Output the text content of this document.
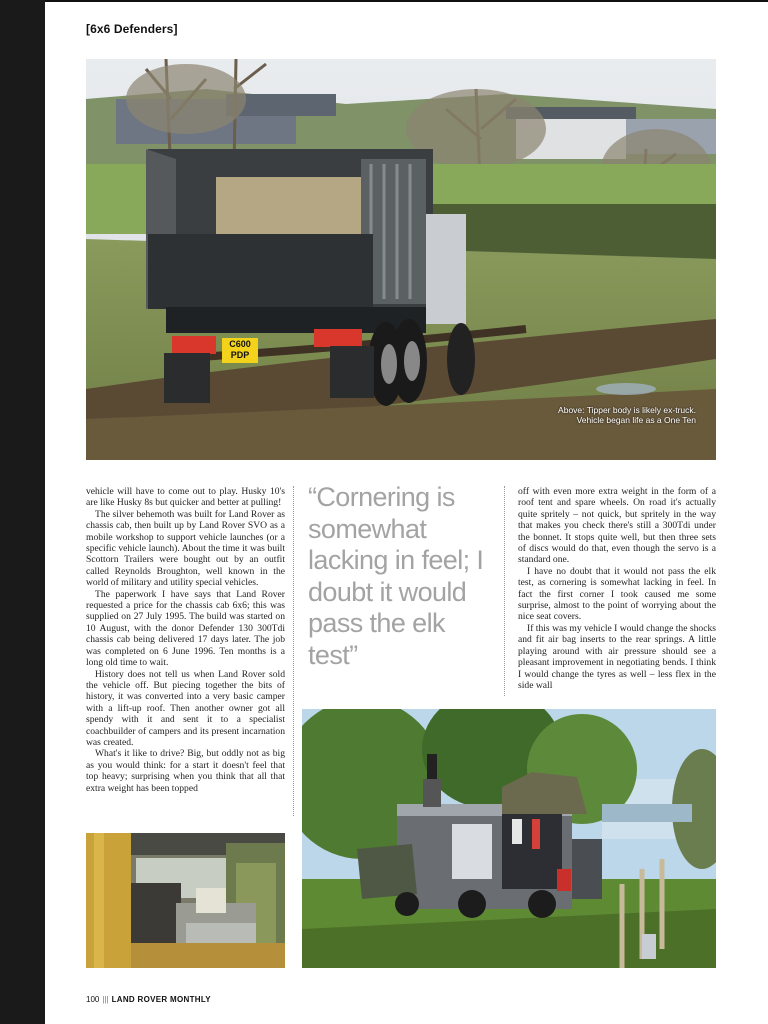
[6x6 Defenders]
C600 PDP
Above: Tipper body is likely ex-truck. Vehicle began life as a One Ten

vehicle will have to come out to play. Husky 10's are like Husky 8s but quicker and better at pulling!

The silver behemoth was built for Land Rover as chassis cab, then built up by Land Rover SVO as a mobile workshop to support vehicle launches (or a specific vehicle launch). About the time it was built Scottorn Trailers were bought out by an outfit called Reynolds Broughton, well known in the world of military and utility special vehicles.

The paperwork I have says that Land Rover requested a price for the chassis cab 6x6; this was supplied on 27 July 1995. The build was started on 10 August, with the donor Defender 130 300Tdi chassis cab being delivered 17 days later. The job was completed on 6 June 1996. Ten months is a long old time to wait.

History does not tell us when Land Rover sold the vehicle off. But piecing together the bits of history, it was converted into a very basic camper with a lift-up roof. Then another owner got all spendy with it and sent it to a specialist coachbuilder of campers and its present incarnation was created.

What's it like to drive? Big, but oddly not as big as you would think: for a start it doesn't feel that top heavy; surprising when you think that all that extra weight has been topped

“Cornering is somewhat lacking in feel; I doubt it would pass the elk test”

off with even more extra weight in the form of a roof tent and spare wheels. On road it's actually quite spritely – not quick, but spritely in the way that makes you check there's still a 300Tdi under the bonnet. It stops quite well, but then three sets of discs would do that, even though the servo is a standard one.

I have no doubt that it would not pass the elk test, as cornering is somewhat lacking in feel. In fact the first corner I took caused me some surprise, almost to the point of worrying about the nice seat covers.

If this was my vehicle I would change the shocks and fit air bag inserts to the rear springs. A little playing around with air pressure should see a pleasant improvement in negotiating bends. I think I would change the tyres as well – less flex in the side wall

100 ||| LAND ROVER MONTHLY
